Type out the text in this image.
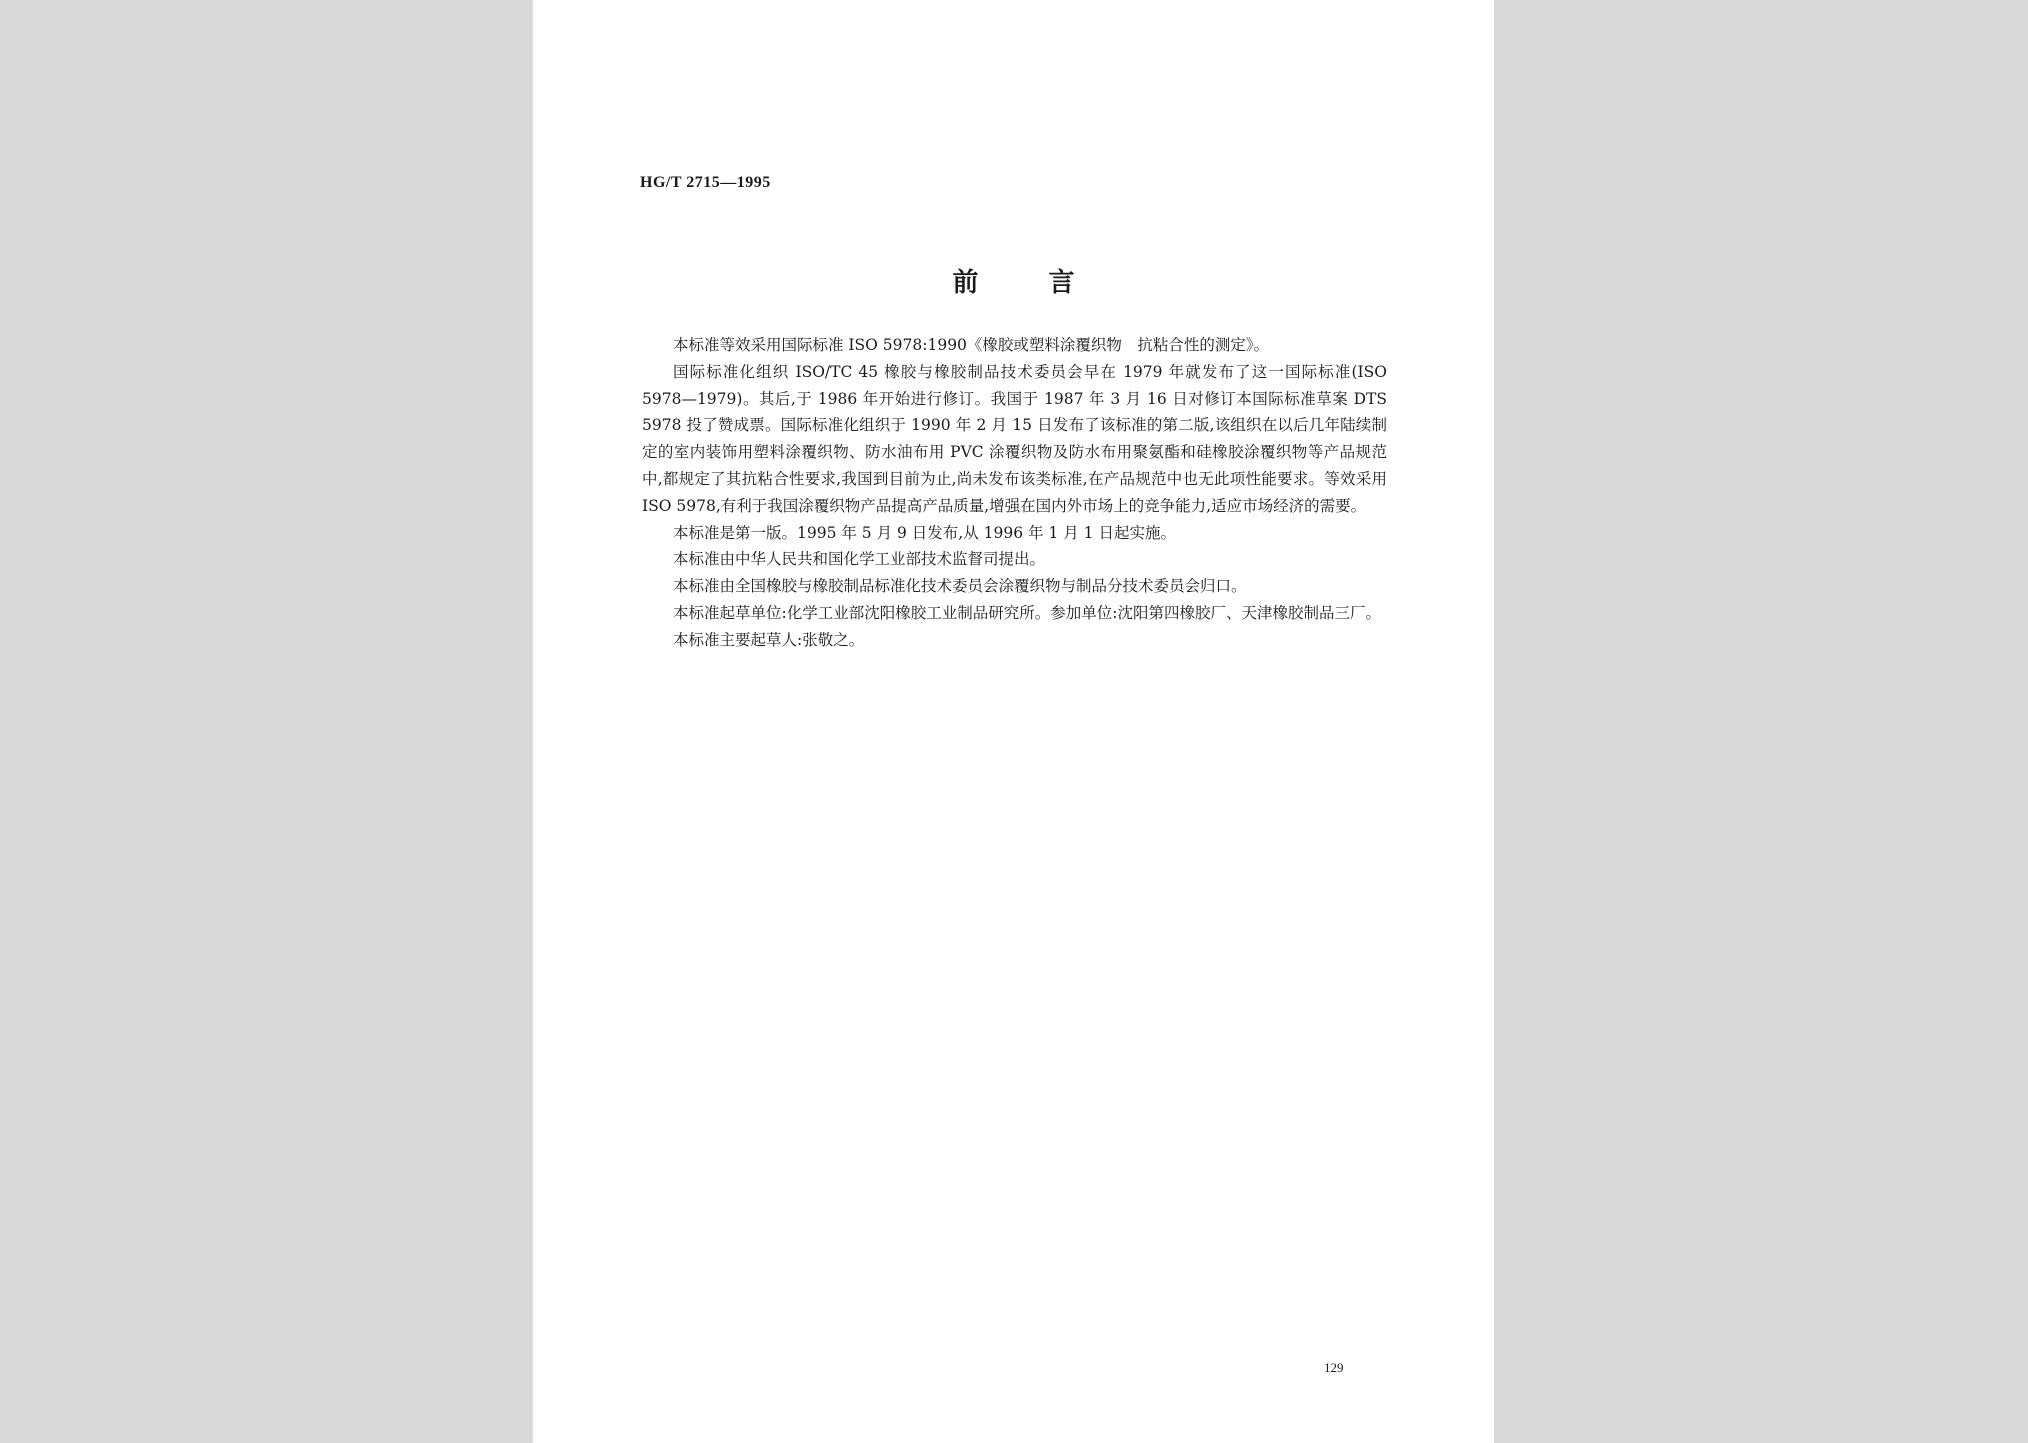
HG/T 2715—1995
前言

本标准等效采用国际标准 ISO 5978:1990《橡胶或塑料涂覆织物　抗粘合性的测定》。

国际标准化组织 ISO/TC 45 橡胶与橡胶制品技术委员会早在 1979 年就发布了这一国际标准(ISO 5978—1979)。其后,于 1986 年开始进行修订。我国于 1987 年 3 月 16 日对修订本国际标准草案 DTS 5978 投了赞成票。国际标准化组织于 1990 年 2 月 15 日发布了该标准的第二版,该组织在以后几年陆续制定的室内装饰用塑料涂覆织物、防水油布用 PVC 涂覆织物及防水布用聚氨酯和硅橡胶涂覆织物等产品规范中,都规定了其抗粘合性要求,我国到目前为止,尚未发布该类标准,在产品规范中也无此项性能要求。等效采用 ISO 5978,有利于我国涂覆织物产品提高产品质量,增强在国内外市场上的竞争能力,适应市场经济的需要。

本标准是第一版。1995 年 5 月 9 日发布,从 1996 年 1 月 1 日起实施。

本标准由中华人民共和国化学工业部技术监督司提出。

本标准由全国橡胶与橡胶制品标准化技术委员会涂覆织物与制品分技术委员会归口。

本标准起草单位:化学工业部沈阳橡胶工业制品研究所。参加单位:沈阳第四橡胶厂、天津橡胶制品三厂。

本标准主要起草人:张敬之。

129
